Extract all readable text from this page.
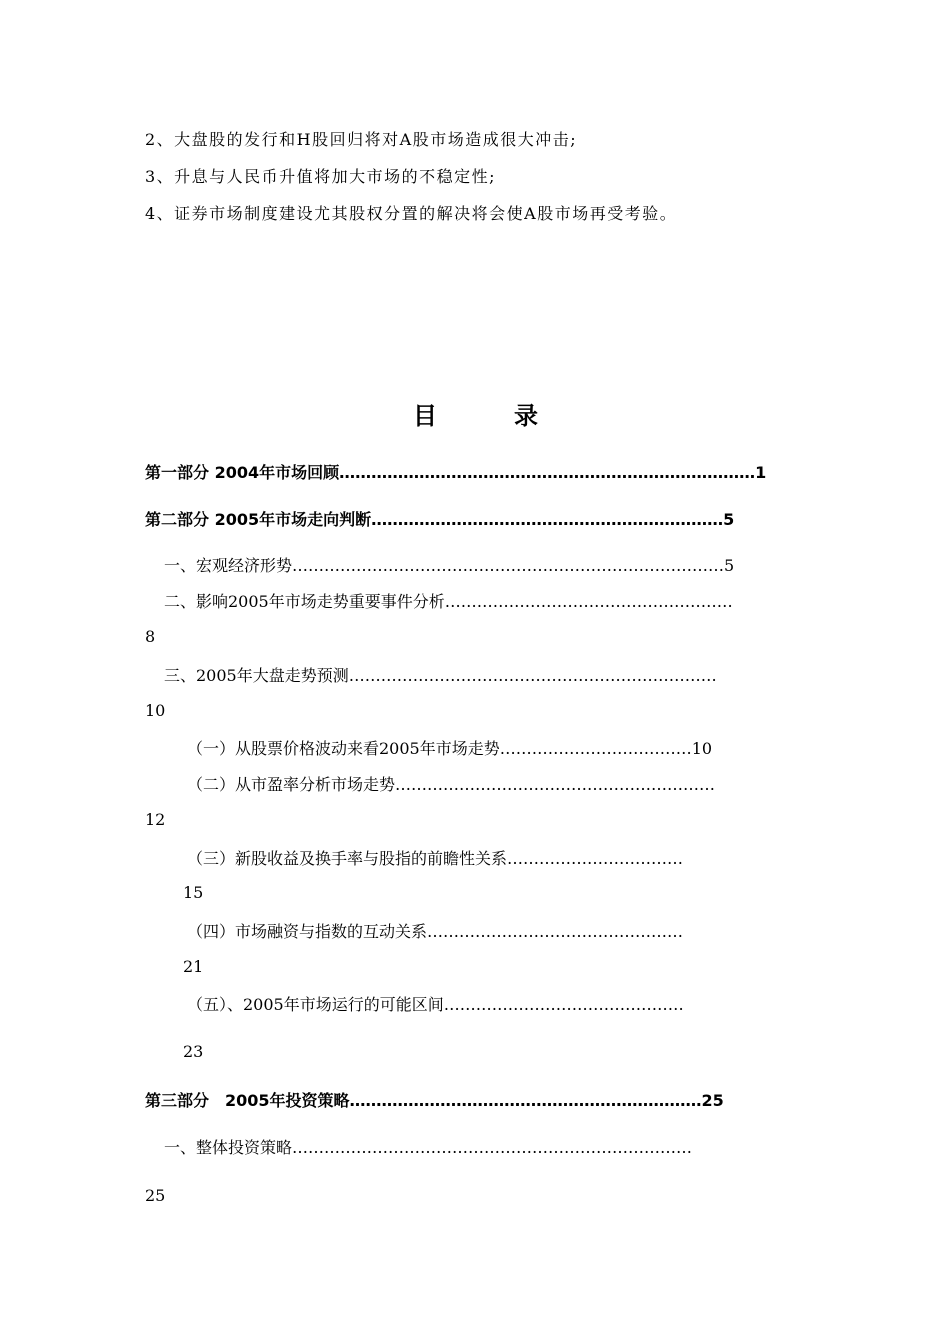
2、大盘股的发行和H股回归将对A股市场造成很大冲击;
3、升息与人民币升值将加大市场的不稳定性;
4、证券市场制度建设尤其股权分置的解决将会使A股市场再受考验。
目	录
第一部分 2004年市场回顾……………………………………………………………………1
第二部分 2005年市场走向判断…………………………………………………………5
一、宏观经济形势………………………………………………………………………5
二、影响2005年市场走势重要事件分析………………………………………………
8
三、2005年大盘走势预测……………………………………………………………
10
（一）从股票价格波动来看2005年市场走势………………………………10
（二）从市盈率分析市场走势……………………………………………………
12
（三）新股收益及换手率与股指的前瞻性关系……………………………
15
（四）市场融资与指数的互动关系…………………………………………
21
（五）、2005年市场运行的可能区间………………………………………
23
第三部分　2005年投资策略…………………………………………………………25
一、整体投资策略…………………………………………………………………
25
